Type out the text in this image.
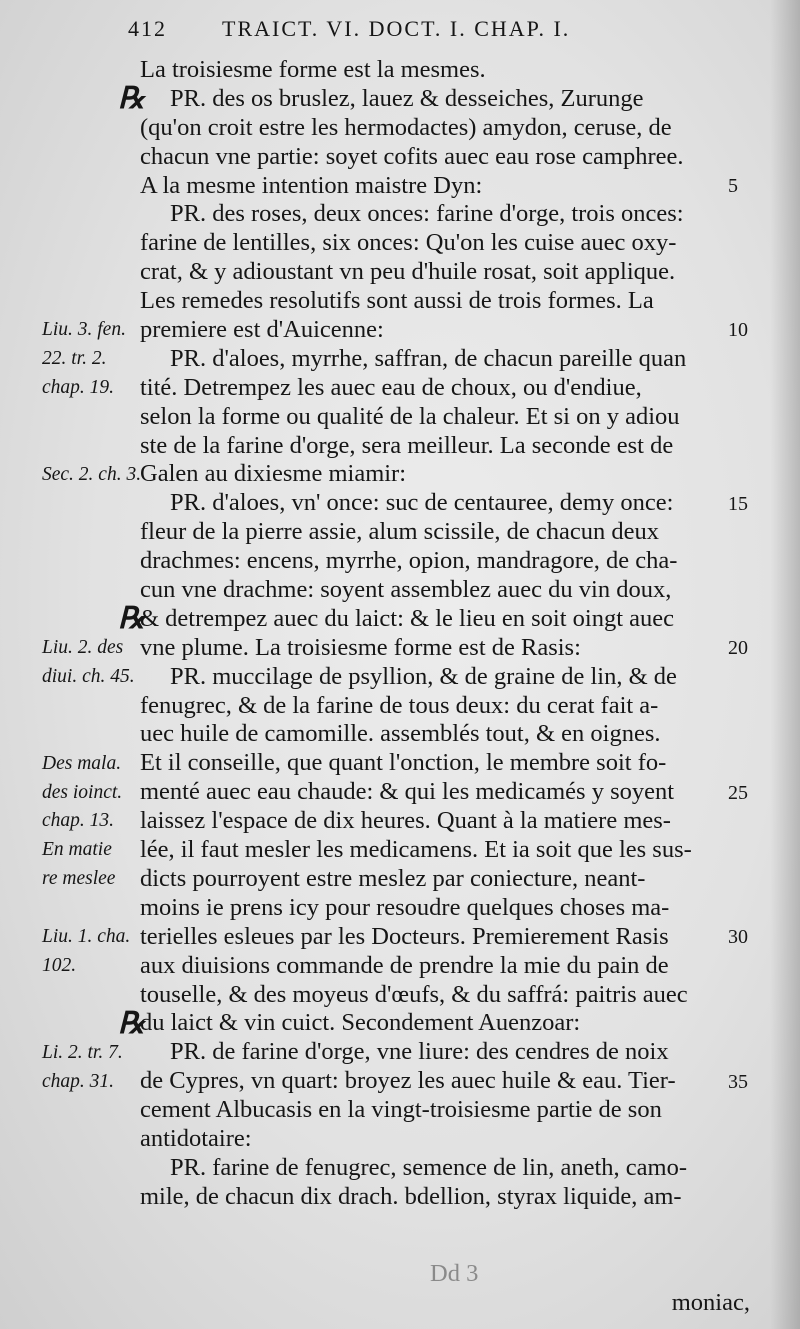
412	TRAICT. VI. DOCT. I. CHAP. I.
Liu. 3. fen.
22. tr. 2.
chap. 19.
Sec. 2. ch. 3.
Liu. 2. des
diui. ch. 45.
Des mala.
des ioinct.
chap. 13.
En matie
re meslee
Liu. 1. cha.
102.
Li. 2. tr. 7.
chap. 31.
℞
℞
℞
La troisiesme forme est la mesmes.
PR. des os bruslez, lauez & desseiches, Zurunge
(qu'on croit estre les hermodactes) amydon, ceruse, de
chacun vne partie: soyet cofits auec eau rose camphree.
A la mesme intention maistre Dyn:
PR. des roses, deux onces: farine d'orge, trois onces:
farine de lentilles, six onces: Qu'on les cuise auec oxy-
crat, & y adioustant vn peu d'huile rosat, soit applique.
Les remedes resolutifs sont aussi de trois formes. La
premiere est d'Auicenne:
PR. d'aloes, myrrhe, saffran, de chacun pareille quan
tité. Detrempez les auec eau de choux, ou d'endiue,
selon la forme ou qualité de la chaleur. Et si on y adiou
ste de la farine d'orge, sera meilleur. La seconde est de
Galen au dixiesme miamir:
PR. d'aloes, vn' once: suc de centauree, demy once:
fleur de la pierre assie, alum scissile, de chacun deux
drachmes: encens, myrrhe, opion, mandragore, de cha-
cun vne drachme: soyent assemblez auec du vin doux,
& detrempez auec du laict: & le lieu en soit oingt auec
vne plume. La troisiesme forme est de Rasis:
PR. muccilage de psyllion, & de graine de lin, & de
fenugrec, & de la farine de tous deux: du cerat fait a-
uec huile de camomille. assemblés tout, & en oignes.
Et il conseille, que quant l'onction, le membre soit fo-
menté auec eau chaude: & qui les medicamés y soyent
laissez l'espace de dix heures. Quant à la matiere mes-
lée, il faut mesler les medicamens. Et ia soit que les sus-
dicts pourroyent estre meslez par coniecture, neant-
moins ie prens icy pour resoudre quelques choses ma-
terielles esleues par les Docteurs. Premierement Rasis
aux diuisions commande de prendre la mie du pain de
touselle, & des moyeus d'œufs, & du saffrá: paitris auec
du laict & vin cuict. Secondement Auenzoar:
PR. de farine d'orge, vne liure: des cendres de noix
de Cypres, vn quart: broyez les auec huile & eau. Tier-
cement Albucasis en la vingt-troisiesme partie de son
antidotaire:
PR. farine de fenugrec, semence de lin, aneth, camo-
mile, de chacun dix drach. bdellion, styrax liquide, am-
5
10
15
20
25
30
35
Dd 3
moniac,
